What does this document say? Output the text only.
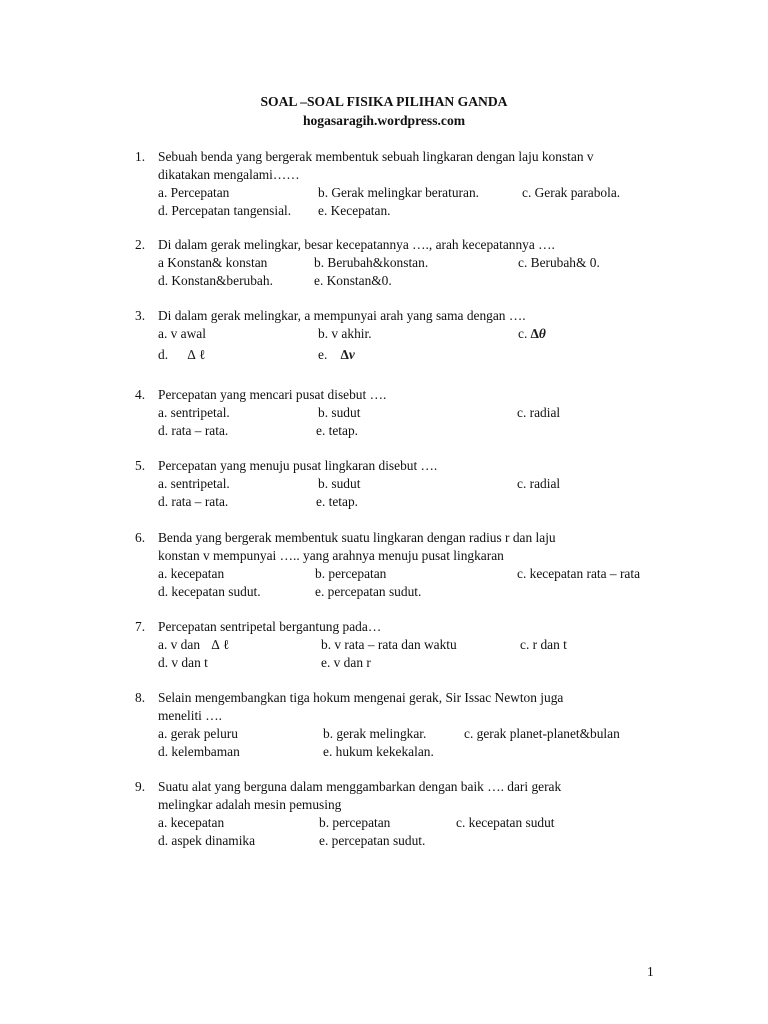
SOAL –SOAL FISIKA PILIHAN GANDA
hogasaragih.wordpress.com
1. Sebuah benda yang bergerak membentuk sebuah lingkaran dengan laju konstan v
dikatakan mengalami……
a. Percepatan	b. Gerak melingkar beraturan.	c. Gerak parabola.
d. Percepatan tangensial. e. Kecepatan.
2. Di dalam gerak melingkar, besar kecepatannya …., arah kecepatannya ….
a Konstan& konstan	b. Berubah&konstan.	c. Berubah& 0.
d. Konstan&berubah.	e. Konstan&0.
3. Di dalam gerak melingkar, a mempunyai arah yang sama dengan ….
a. v awal	b. v akhir.	c. ∆θ
d. ∆ ℓ	e. ∆v
4. Percepatan yang mencari pusat disebut ….
a. sentripetal.	b. sudut	c. radial
d. rata – rata.	e. tetap.
5. Percepatan yang menuju pusat lingkaran disebut ….
a. sentripetal.	b. sudut	c. radial
d. rata – rata.	e. tetap.
6. Benda yang bergerak membentuk suatu lingkaran dengan radius r dan laju
konstan v mempunyai ….. yang arahnya menuju pusat lingkaran
a. kecepatan	b. percepatan	c. kecepatan rata – rata
d. kecepatan sudut.	e. percepatan sudut.
7. Percepatan sentripetal bergantung pada…
a. v dan ∆ ℓ	b. v rata – rata dan waktu	c. r dan t
d. v dan t	e. v dan r
8. Selain mengembangkan tiga hokum mengenai gerak, Sir Issac Newton juga
meneliti ….
a. gerak peluru	b. gerak melingkar.	c. gerak planet-planet&bulan
d. kelembaman	e. hukum kekekalan.
9. Suatu alat yang berguna dalam menggambarkan dengan baik …. dari gerak
melingkar adalah mesin pemusing
a. kecepatan	b. percepatan	c. kecepatan sudut
d. aspek dinamika	e. percepatan sudut.
1
